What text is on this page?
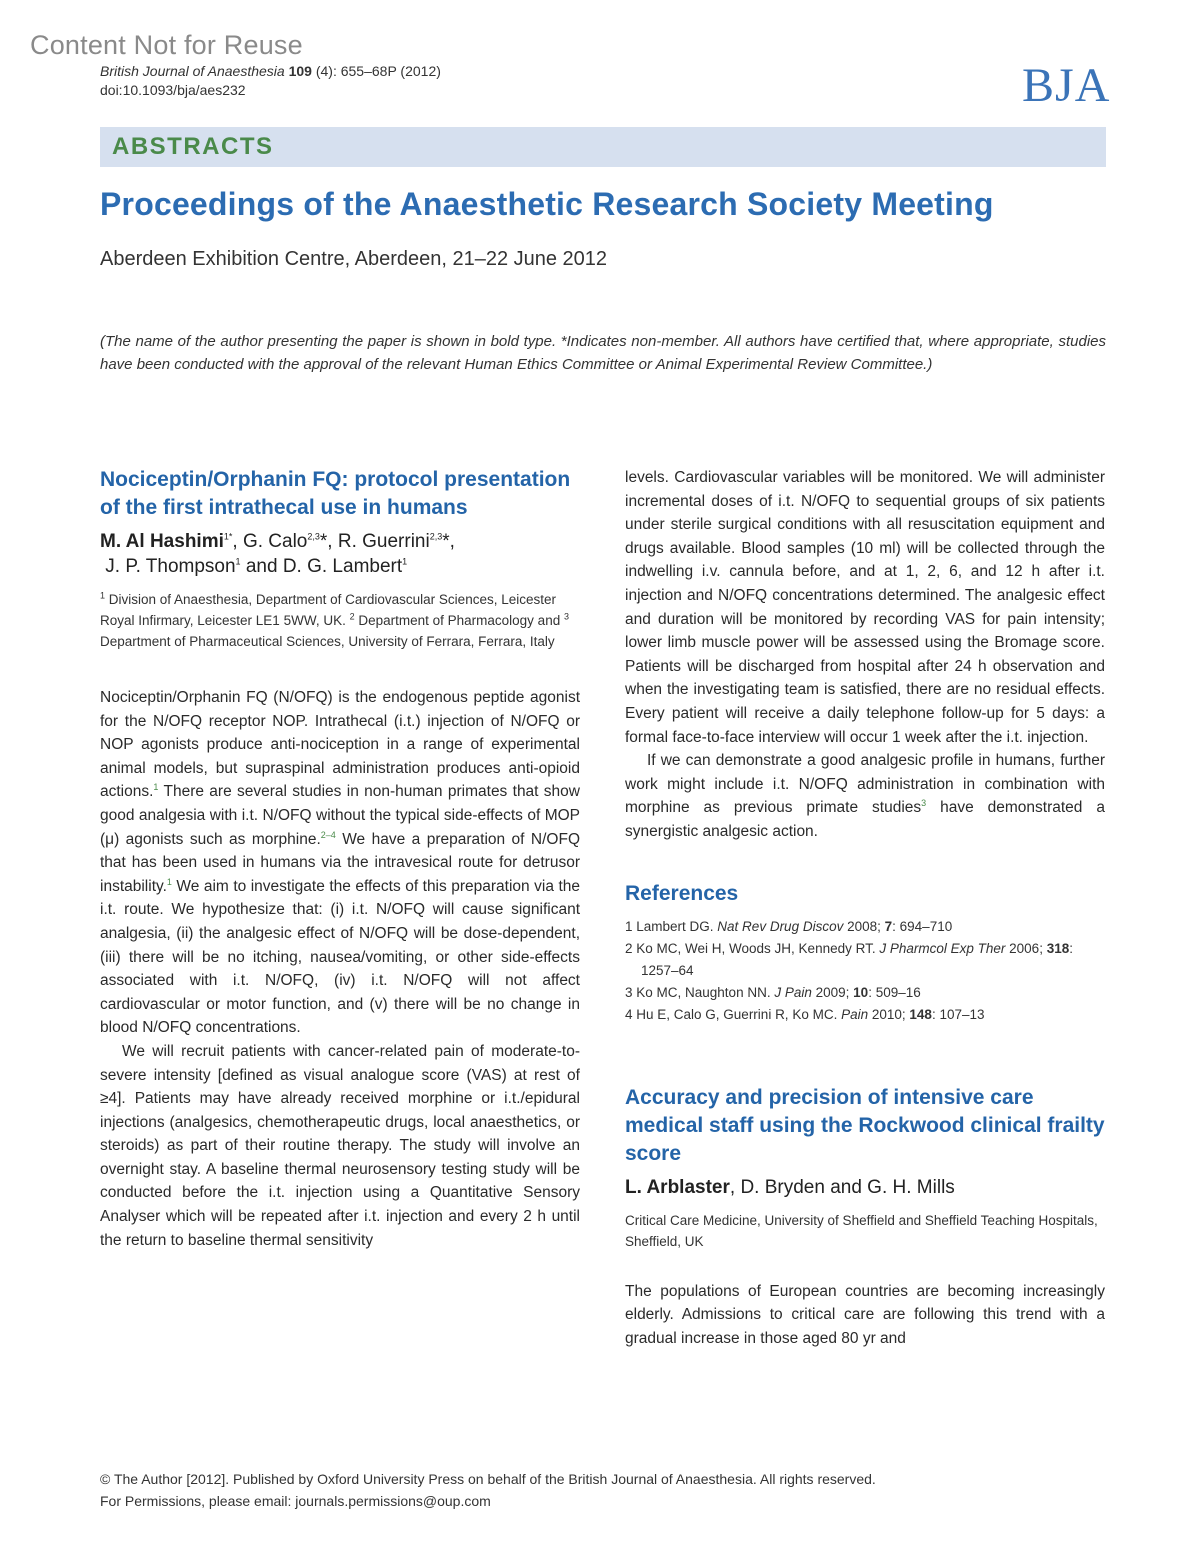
Content Not for Reuse
British Journal of Anaesthesia 109 (4): 655–68P (2012)
doi:10.1093/bja/aes232	BJA
ABSTRACTS
Proceedings of the Anaesthetic Research Society Meeting
Aberdeen Exhibition Centre, Aberdeen, 21–22 June 2012
(The name of the author presenting the paper is shown in bold type. *Indicates non-member. All authors have certified that, where appropriate, studies have been conducted with the approval of the relevant Human Ethics Committee or Animal Experimental Review Committee.)
Nociceptin/Orphanin FQ: protocol presentation of the first intrathecal use in humans
M. Al Hashimi$^{1*}$, G. Calo$^{2,3}$*, R. Guerrini$^{2,3}$*,
J. P. Thompson$^1$ and D. G. Lambert$^1$
$^1$ Division of Anaesthesia, Department of Cardiovascular Sciences, Leicester Royal Infirmary, Leicester LE1 5WW, UK. $^2$ Department of Pharmacology and $^3$ Department of Pharmaceutical Sciences, University of Ferrara, Ferrara, Italy

Nociceptin/Orphanin FQ (N/OFQ) is the endogenous peptide agonist for the N/OFQ receptor NOP. Intrathecal (i.t.) injection of N/OFQ or NOP agonists produce anti-nociception in a range of experimental animal models, but supraspinal administration produces anti-opioid actions.$^1$ There are several studies in non-human primates that show good analgesia with i.t. N/OFQ without the typical side-effects of MOP (μ) agonists such as morphine.$^{2-4}$ We have a preparation of N/OFQ that has been used in humans via the intravesical route for detrusor instability.$^1$ We aim to investigate the effects of this preparation via the i.t. route. We hypothesize that: (i) i.t. N/OFQ will cause significant analgesia, (ii) the analgesic effect of N/OFQ will be dose-dependent, (iii) there will be no itching, nausea/vomiting, or other side-effects associated with i.t. N/OFQ, (iv) i.t. N/OFQ will not affect cardiovascular or motor function, and (v) there will be no change in blood N/OFQ concentrations.

We will recruit patients with cancer-related pain of moderate-to-severe intensity [defined as visual analogue score (VAS) at rest of ≥4]. Patients may have already received morphine or i.t./epidural injections (analgesics, chemotherapeutic drugs, local anaesthetics, or steroids) as part of their routine therapy. The study will involve an overnight stay. A baseline thermal neurosensory testing study will be conducted before the i.t. injection using a Quantitative Sensory Analyser which will be repeated after i.t. injection and every 2 h until the return to baseline thermal sensitivity

levels. Cardiovascular variables will be monitored. We will administer incremental doses of i.t. N/OFQ to sequential groups of six patients under sterile surgical conditions with all resuscitation equipment and drugs available. Blood samples (10 ml) will be collected through the indwelling i.v. cannula before, and at 1, 2, 6, and 12 h after i.t. injection and N/OFQ concentrations determined. The analgesic effect and duration will be monitored by recording VAS for pain intensity; lower limb muscle power will be assessed using the Bromage score. Patients will be discharged from hospital after 24 h observation and when the investigating team is satisfied, there are no residual effects. Every patient will receive a daily telephone follow-up for 5 days: a formal face-to-face interview will occur 1 week after the i.t. injection.

If we can demonstrate a good analgesic profile in humans, further work might include i.t. N/OFQ administration in combination with morphine as previous primate studies$^3$ have demonstrated a synergistic analgesic action.

References
1 Lambert DG. Nat Rev Drug Discov 2008; 7: 694–710
2 Ko MC, Wei H, Woods JH, Kennedy RT. J Pharmcol Exp Ther 2006; 318: 1257–64
3 Ko MC, Naughton NN. J Pain 2009; 10: 509–16
4 Hu E, Calo G, Guerrini R, Ko MC. Pain 2010; 148: 107–13
Accuracy and precision of intensive care medical staff using the Rockwood clinical frailty score
L. Arblaster, D. Bryden and G. H. Mills
Critical Care Medicine, University of Sheffield and Sheffield Teaching Hospitals, Sheffield, UK

The populations of European countries are becoming increasingly elderly. Admissions to critical care are following this trend with a gradual increase in those aged 80 yr and

© The Author [2012]. Published by Oxford University Press on behalf of the British Journal of Anaesthesia. All rights reserved.
For Permissions, please email: journals.permissions@oup.com
